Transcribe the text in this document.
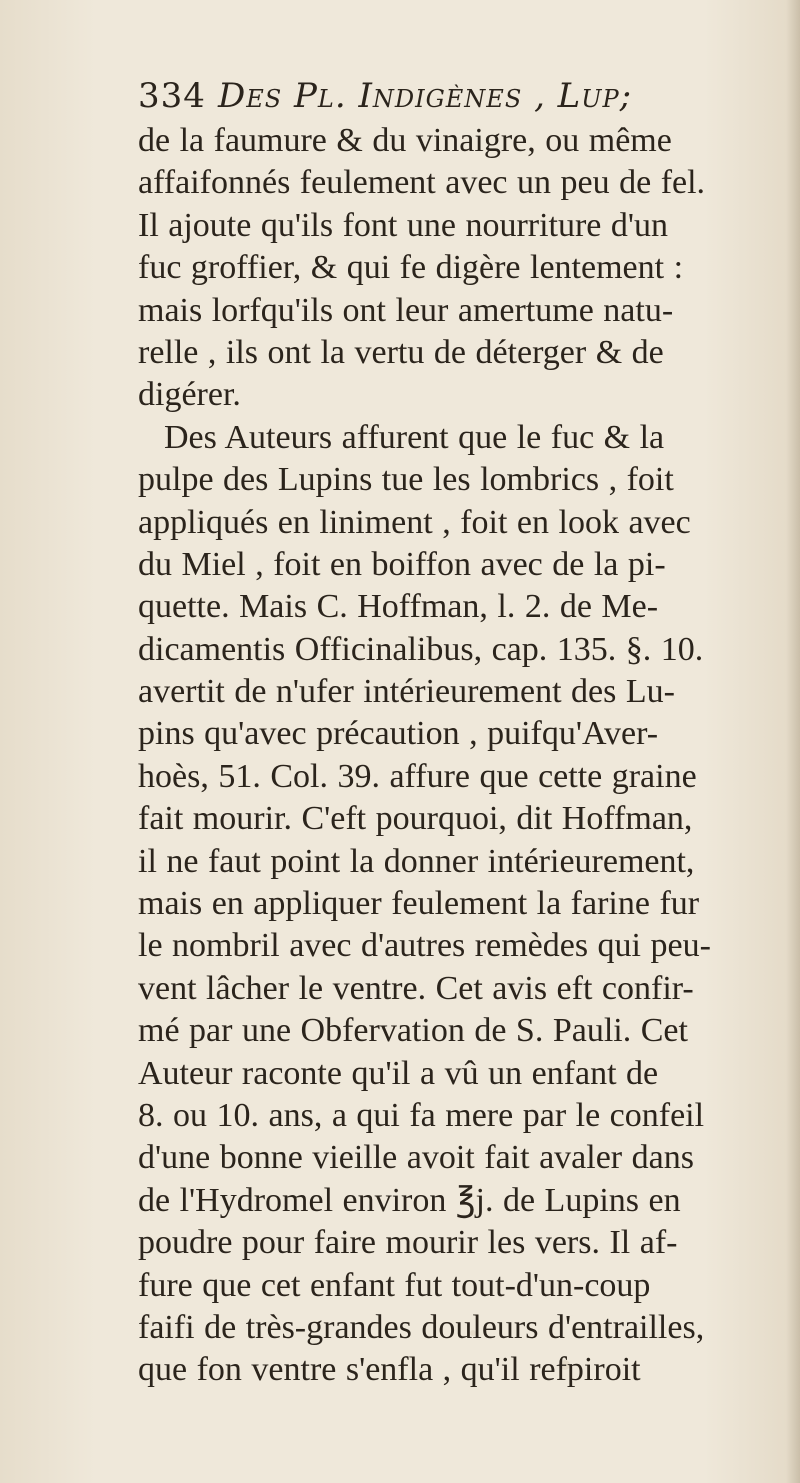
334 Des Pl. Indigènes , Lup;
de la faumure & du vinaigre, ou même
affaifonnés feulement avec un peu de fel.
Il ajoute qu'ils font une nourriture d'un
fuc groffier, & qui fe digère lentement :
mais lorfqu'ils ont leur amertume natu-
relle , ils ont la vertu de déterger & de
digérer.
Des Auteurs affurent que le fuc & la
pulpe des Lupins tue les lombrics , foit
appliqués en liniment , foit en look avec
du Miel , foit en boiffon avec de la pi-
quette. Mais C. Hoffman, l. 2. de Me-
dicamentis Officinalibus, cap. 135. §. 10.
avertit de n'ufer intérieurement des Lu-
pins qu'avec précaution , puifqu'Aver-
hoès, 51. Col. 39. affure que cette graine
fait mourir. C'eft pourquoi, dit Hoffman,
il ne faut point la donner intérieurement,
mais en appliquer feulement la farine fur
le nombril avec d'autres remèdes qui peu-
vent lâcher le ventre. Cet avis eft confir-
mé par une Obfervation de S. Pauli. Cet
Auteur raconte qu'il a vû un enfant de
8. ou 10. ans, a qui fa mere par le confeil
d'une bonne vieille avoit fait avaler dans
de l'Hydromel environ ℥j. de Lupins en
poudre pour faire mourir les vers. Il af-
fure que cet enfant fut tout-d'un-coup
faifi de très-grandes douleurs d'entrailles,
que fon ventre s'enfla , qu'il refpiroit
